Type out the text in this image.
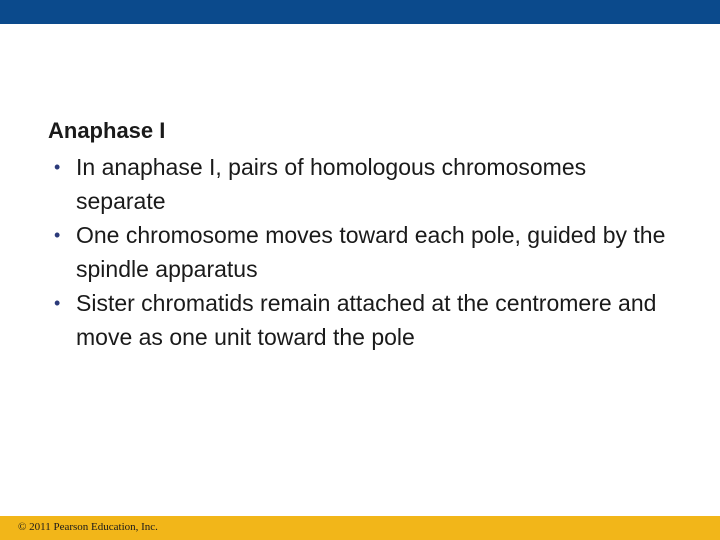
Anaphase I
• In anaphase I, pairs of homologous chromosomes separate
• One chromosome moves toward each pole, guided by the spindle apparatus
• Sister chromatids remain attached at the centromere and move as one unit toward the pole
© 2011 Pearson Education, Inc.
